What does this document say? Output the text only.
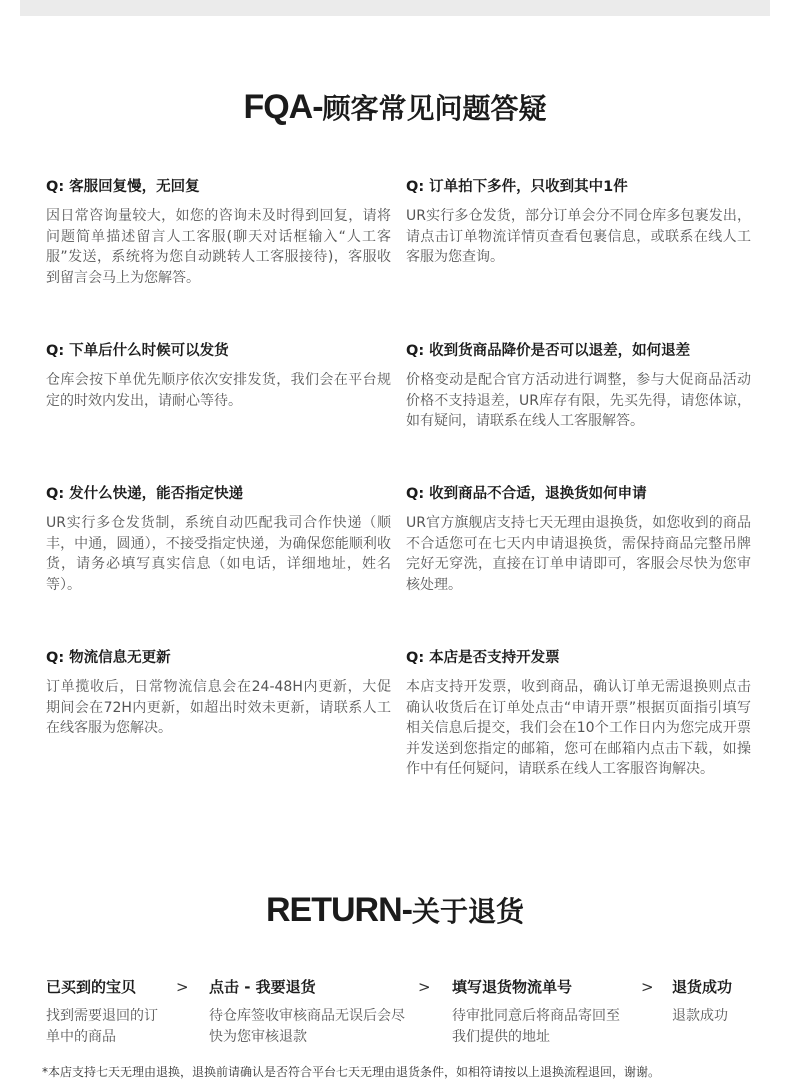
FQA-顾客常见问题答疑

Q: 客服回复慢，无回复

因日常咨询量较大，如您的咨询未及时得到回复，请将问题简单描述留言人工客服(聊天对话框输入“人工客服”发送，系统将为您自动跳转人工客服接待)，客服收到留言会马上为您解答。

Q: 订单拍下多件，只收到其中1件

UR实行多仓发货，部分订单会分不同仓库多包裹发出，请点击订单物流详情页查看包裹信息，或联系在线人工客服为您查询。

Q: 下单后什么时候可以发货

仓库会按下单优先顺序依次安排发货，我们会在平台规定的时效内发出，请耐心等待。

Q: 收到货商品降价是否可以退差，如何退差

价格变动是配合官方活动进行调整，参与大促商品活动价格不支持退差，UR库存有限，先买先得，请您体谅，如有疑问，请联系在线人工客服解答。

Q: 发什么快递，能否指定快递

UR实行多仓发货制，系统自动匹配我司合作快递（顺丰，中通，圆通），不接受指定快递，为确保您能顺利收货，请务必填写真实信息（如电话，详细地址，姓名等）。

Q: 收到商品不合适，退换货如何申请

UR官方旗舰店支持七天无理由退换货，如您收到的商品不合适您可在七天内申请退换货，需保持商品完整吊牌完好无穿洗，直接在订单申请即可，客服会尽快为您审核处理。

Q: 物流信息无更新

订单揽收后，日常物流信息会在24-48H内更新，大促期间会在72H内更新，如超出时效未更新，请联系人工在线客服为您解决。

Q: 本店是否支持开发票

本店支持开发票，收到商品，确认订单无需退换则点击确认收货后在订单处点击“申请开票”根据页面指引填写相关信息后提交，我们会在10个工作日内为您完成开票并发送到您指定的邮箱，您可在邮箱内点击下载，如操作中有任何疑问，请联系在线人工客服咨询解决。

RETURN-关于退货
已买到的宝贝
找到需要退回的订单中的商品
> 点击 - 我要退货
待仓库签收审核商品无误后会尽快为您审核退款
> 填写退货物流单号
待审批同意后将商品寄回至我们提供的地址
> 退货成功
退款成功
*本店支持七天无理由退换，退换前请确认是否符合平台七天无理由退货条件，如相符请按以上退换流程退回，谢谢。
